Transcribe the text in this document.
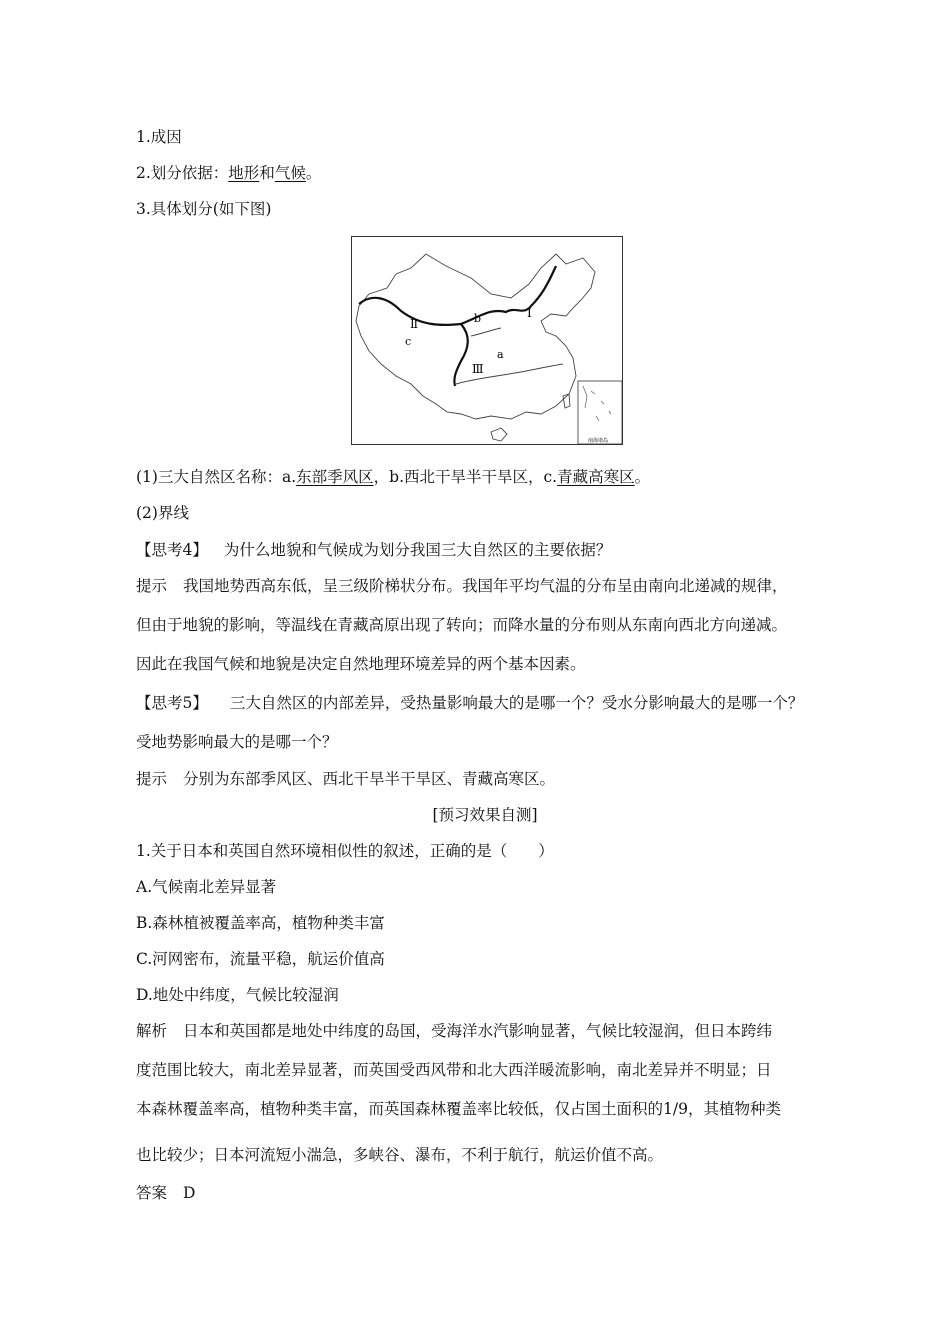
1.成因
2.划分依据：地形和气候。
3.具体划分(如下图)
Ⅱ
Ⅰ
Ⅲ
a
b
c
南海诸岛
(1)三大自然区名称：a.东部季风区，b.西北干旱半干旱区，c.青藏高寒区。
(2)界线
【思考4】 为什么地貌和气候成为划分我国三大自然区的主要依据？
提示 我国地势西高东低，呈三级阶梯状分布。我国年平均气温的分布呈由南向北递减的规律，
但由于地貌的影响，等温线在青藏高原出现了转向；而降水量的分布则从东南向西北方向递减。
因此在我国气候和地貌是决定自然地理环境差异的两个基本因素。
【思考5】 三大自然区的内部差异，受热量影响最大的是哪一个？受水分影响最大的是哪一个？
受地势影响最大的是哪一个？
提示 分别为东部季风区、西北干旱半干旱区、青藏高寒区。
[预习效果自测]
1.关于日本和英国自然环境相似性的叙述，正确的是（　　）
A.气候南北差异显著
B.森林植被覆盖率高，植物种类丰富
C.河网密布，流量平稳，航运价值高
D.地处中纬度，气候比较湿润
解析 日本和英国都是地处中纬度的岛国，受海洋水汽影响显著，气候比较湿润，但日本跨纬
度范围比较大，南北差异显著，而英国受西风带和北大西洋暖流影响，南北差异并不明显；日
本森林覆盖率高，植物种类丰富，而英国森林覆盖率比较低，仅占国土面积的1/9，其植物种类
也比较少；日本河流短小湍急，多峡谷、瀑布，不利于航行，航运价值不高。
答案 D
